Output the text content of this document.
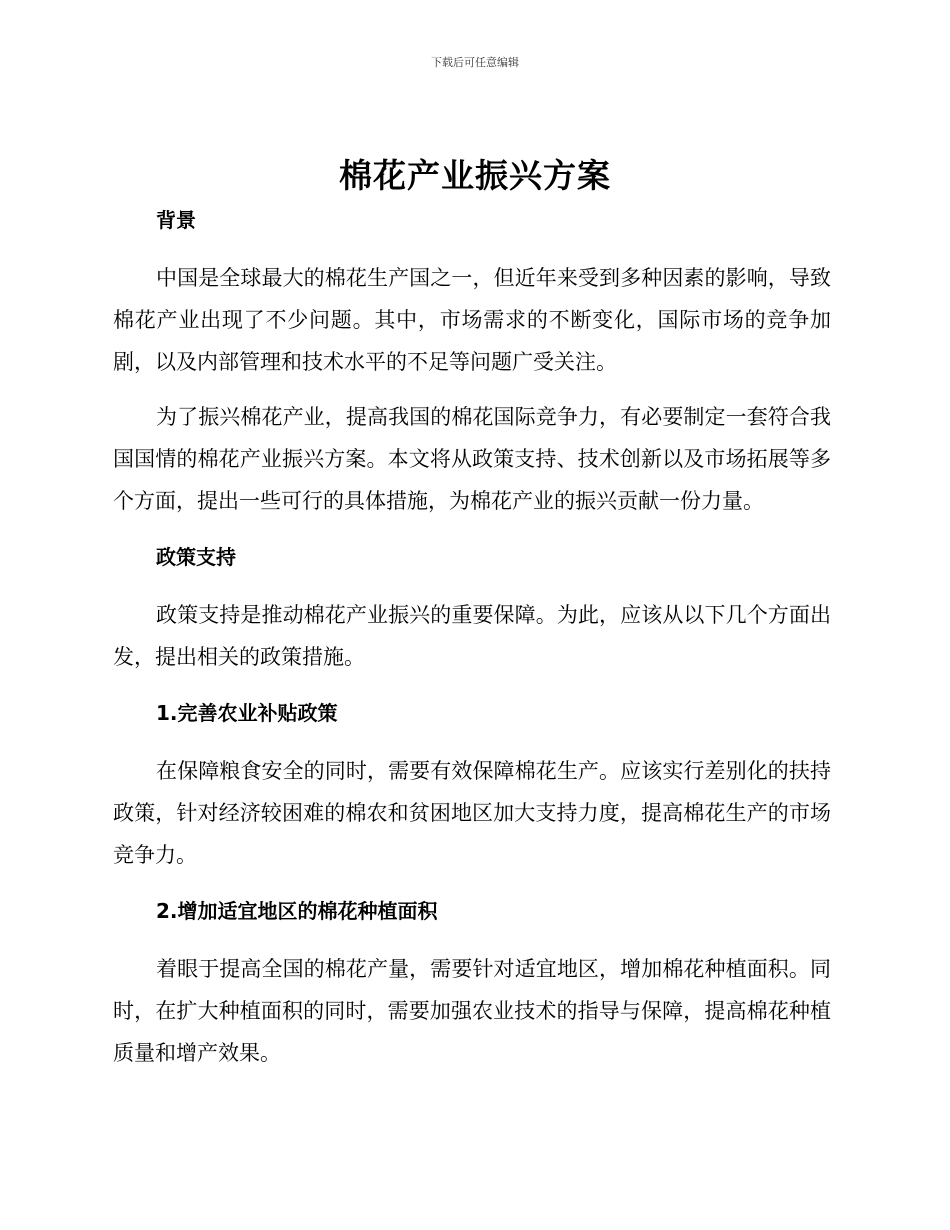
下载后可任意编辑
棉花产业振兴方案
背景

中国是全球最大的棉花生产国之一，但近年来受到多种因素的影响，导致棉花产业出现了不少问题。其中，市场需求的不断变化，国际市场的竞争加剧，以及内部管理和技术水平的不足等问题广受关注。

为了振兴棉花产业，提高我国的棉花国际竞争力，有必要制定一套符合我国国情的棉花产业振兴方案。本文将从政策支持、技术创新以及市场拓展等多个方面，提出一些可行的具体措施，为棉花产业的振兴贡献一份力量。

政策支持

政策支持是推动棉花产业振兴的重要保障。为此，应该从以下几个方面出发，提出相关的政策措施。

1.完善农业补贴政策

在保障粮食安全的同时，需要有效保障棉花生产。应该实行差别化的扶持政策，针对经济较困难的棉农和贫困地区加大支持力度，提高棉花生产的市场竞争力。

2.增加适宜地区的棉花种植面积

着眼于提高全国的棉花产量，需要针对适宜地区，增加棉花种植面积。同时，在扩大种植面积的同时，需要加强农业技术的指导与保障，提高棉花种植质量和增产效果。
